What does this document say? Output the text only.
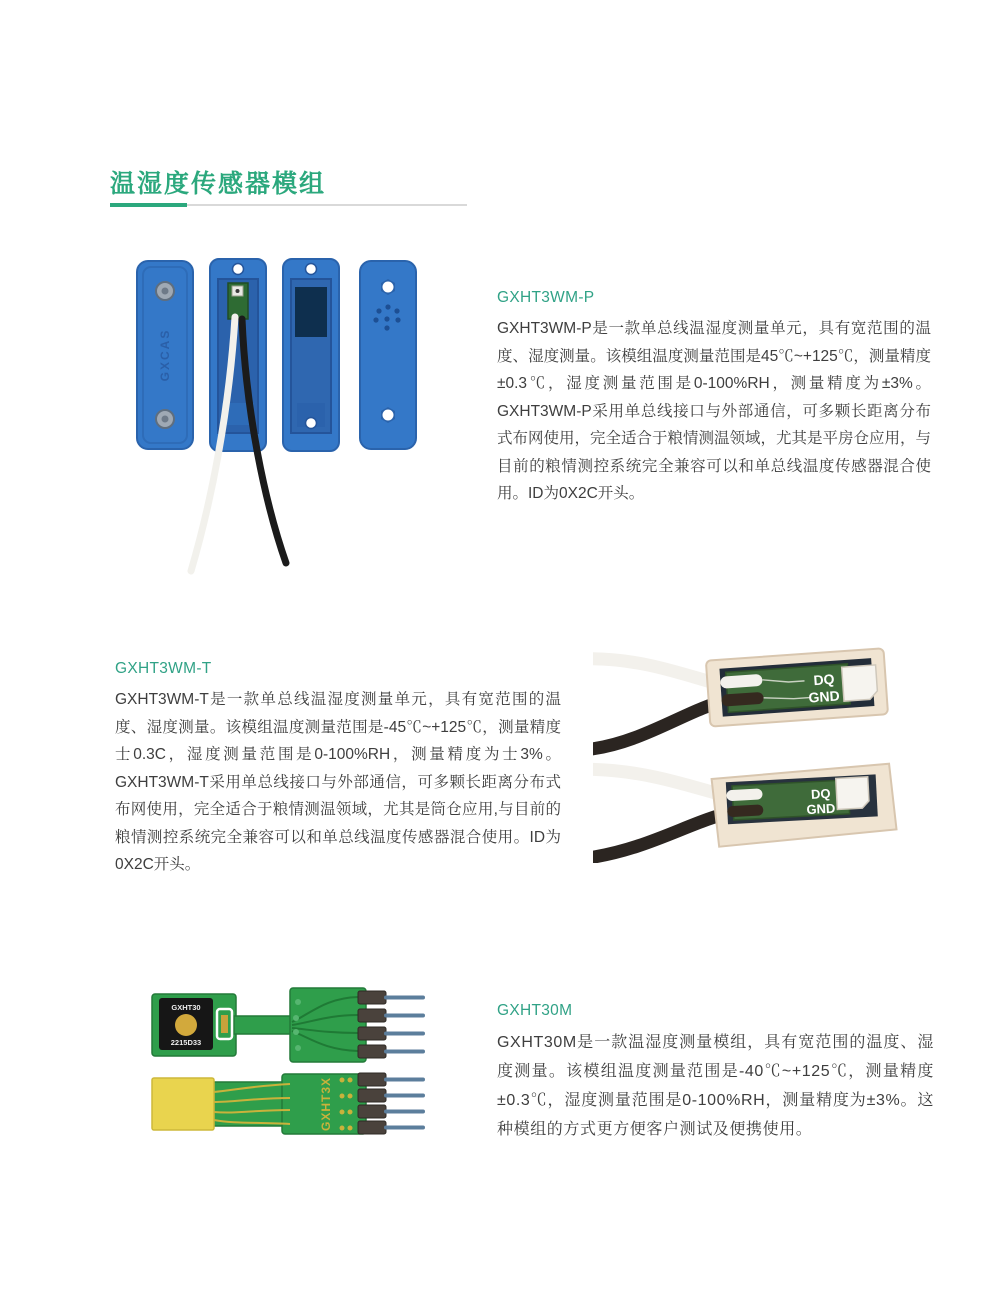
温湿度传感器模组
GXCAS
GXHT3WM-P

GXHT3WM-P是一款单总线温湿度测量单元，具有宽范围的温度、湿度测量。该模组温度测量范围是45℃~+125℃，测量精度±0.3℃，湿度测量范围是0-100%RH，测量精度为±3%。GXHT3WM-P采用单总线接口与外部通信，可多颗长距离分布式布网使用，完全适合于粮情测温领域，尤其是平房仓应用，与目前的粮情测控系统完全兼容可以和单总线温度传感器混合使用。ID为0X2C开头。

GXHT3WM-T

GXHT3WM-T是一款单总线温湿度测量单元，具有宽范围的温度、湿度测量。该模组温度测量范围是-45℃~+125℃，测量精度士0.3C，湿度测量范围是0-100%RH，测量精度为士3%。GXHT3WM-T采用单总线接口与外部通信，可多颗长距离分布式布网使用，完全适合于粮情测温领域，尤其是筒仓应用,与目前的粮情测控系统完全兼容可以和单总线温度传感器混合使用。ID为0X2C开头。

DQ
GND
DQ
GND
GXHT30
2215D33
GXHT3X
GXHT30M

GXHT30M是一款温湿度测量模组，具有宽范围的温度、湿度测量。该模组温度测量范围是-40℃~+125℃，测量精度±0.3℃，湿度测量范围是0-100%RH，测量精度为±3%。这种模组的方式更方便客户测试及便携使用。
